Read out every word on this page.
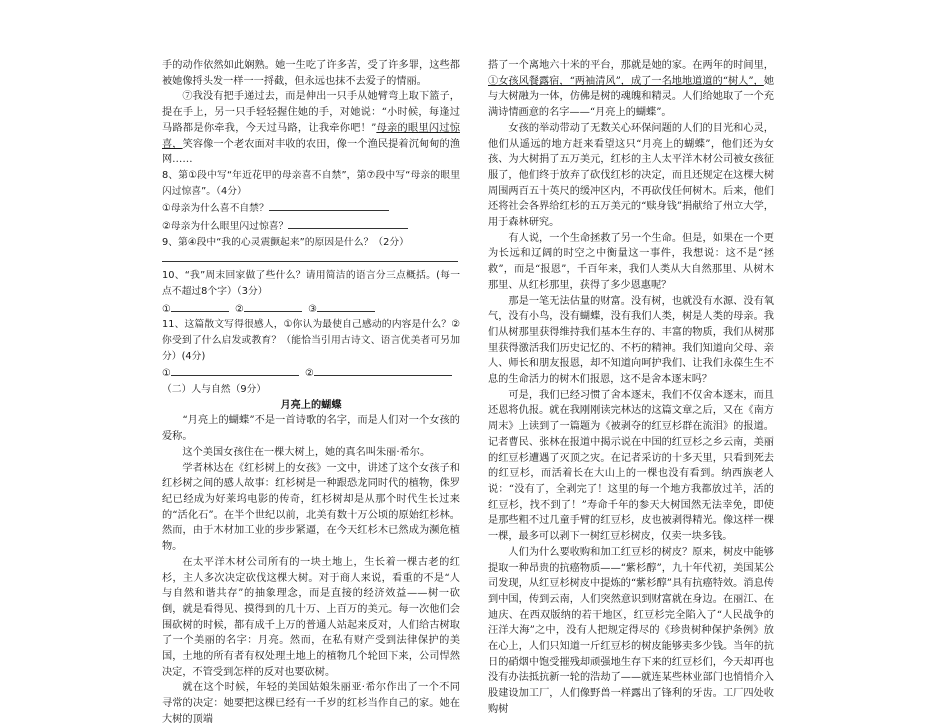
手的动作依然如此娴熟。她一生吃了许多苦，受了许多罪，这些都被她像捋头发一样一一捋截，但永远也抹不去爱子的情丽。

⑦我没有把手递过去，而是伸出一只手从她臂弯上取下篮子，提在手上，另一只手轻轻握住她的手，对她说：“小时候，每逢过马路都是你牵我，今天过马路，让我牵你吧！”母亲的眼里闪过惊喜，笑容像一个老农面对丰收的农田，像一个渔民提着沉甸甸的渔网……

8、第①段中写“年近花甲的母亲喜不自禁”，第⑦段中写“母亲的眼里闪过惊喜”。（4分）

①母亲为什么喜不自禁？

②母亲为什么眼里闪过惊喜？

9、第④段中“我的心灵震颤起来”的原因是什么？（2分）

10、“我”周末回家做了些什么？请用简洁的语言分三点概括。(每一点不超过8个字）（3分）

①	②	③

11、这篇散文写得很感人，①你认为最使自己感动的内容是什么？②你受到了什么启发或教育？（能恰当引用古诗文、语言优美者可另加分）(4分)

①	②

（二）人与自然（9分）

月亮上的蝴蝶

“月亮上的蝴蝶”不是一首诗歌的名字，而是人们对一个女孩的爱称。

这个美国女孩住在一棵大树上，她的真名叫朱丽·希尔。

学者林达在《红杉树上的女孩》一文中，讲述了这个女孩子和红杉树之间的感人故事：红杉树是一种跟恐龙同时代的植物，侏罗纪已经成为好莱坞电影的传奇，红杉树却是从那个时代生长过来的“活化石”。在半个世纪以前，北美有数十万公顷的原始红杉林。然而，由于木材加工业的步步紧逼，在今天红杉木已然成为濒危植物。

在太平洋木材公司所有的一块土地上，生长着一棵古老的红杉，主人多次决定砍伐这棵大树。对于商人来说，看重的不是“人与自然和谐共存”的抽象理念，而是直接的经济效益——树一砍倒，就是看得见、摸得到的几十万、上百万的美元。每一次他们会围砍树的时候，都有成千上万的普通人站起来反对，人们给古树取了一个美丽的名字：月亮。然而，在私有财产受到法律保护的美国，土地的所有者有权处理土地上的植物几个轮回下来，公司悍然决定，不管受到怎样的反对也要砍树。

就在这个时候，年轻的美国姑娘朱丽亚·希尔作出了一个不同寻常的决定：她要把这棵已经有一千岁的红杉当作自己的家。她在大树的顶端

搭了一个离地六十米的平台，那就是她的家。在两年的时间里，①女孩风餐露宿，“两袖清风”，成了一名地地道道的“树人”，她与大树融为一体，仿佛是树的魂魄和精灵。人们给她取了一个充满诗情画意的名字——“月亮上的蝴蝶”。

女孩的举动带动了无数关心环保问题的人们的目光和心灵，他们从遥远的地方赶来看望这只“月亮上的蝴蝶”，他们还为女孩、为大树捐了五万美元，红杉的主人太平洋木材公司被女孩征服了，他们终于放弃了砍伐红杉的决定，而且还规定在这棵大树周围两百五十英尺的缓冲区内，不再砍伐任何树木。后来，他们还将社会各界给红杉的五万美元的“赎身钱”捐献给了州立大学，用于森林研究。

有人说，一个生命拯救了另一个生命。但是，如果在一个更为长远和辽阔的时空之中衡量这一事件，我想说：这不是“拯救”，而是“报恩”，千百年来，我们人类从大自然那里、从树木那里、从红杉那里，获得了多少恩惠呢？

那是一笔无法估量的财富。没有树，也就没有水源、没有氧气，没有小鸟，没有蝴蝶，没有我们人类，树是人类的母亲。我们从树那里获得维持我们基本生存的、丰富的物质，我们从树那里获得激活我们历史记忆的、不朽的精神。我们知道向父母、亲人、师长和朋友报恩，却不知道向呵护我们、让我们永葆生生不息的生命活力的树木们报恩，这不是舍本逐末吗？

可是，我们已经习惯了舍本逐末，我们不仅舍本逐末，而且还恩将仇报。就在我刚刚读完林达的这篇文章之后，又在《南方周末》上读到了一篇题为《被剥夺的红豆杉群在流泪》的报道。记者曹民、张林在报道中揭示说在中国的红豆杉之乡云南，美丽的红豆杉遭遇了灭顶之灾。在记者采访的十多天里，只看到死去的红豆杉，而活着长在大山上的一棵也没有看到。纳西族老人说：“没有了，全剥完了！这里的每一个地方我都放过羊，活的红豆杉，找不到了！”寿命千年的参天大树国然无法幸免，即使是那些粗不过几童手臂的红豆杉，皮也被剥得精光。像这样一棵一棵，最多可以剥下一树红豆杉树皮，仅卖一块多钱。

人们为什么要收购和加工红豆杉的树皮？原来，树皮中能够提取一种昂贵的抗癌物质——“紫杉醇”，九十年代初，美国某公司发现，从红豆杉树皮中提炼的“紫杉醇”具有抗癌特效。消息传到中国，传到云南，人们突然意识到财富就在身边。在丽江、在迪庆、在西双版纳的若干地区，红豆杉完全陷入了“人民战争的汪洋大海”之中，没有人把规定得尽的《珍贵树种保护条例》放在心上，人们只知道一斤红豆杉的树皮能够卖多少钱。当年的抗日的硝烟中饱受摧残却顽强地生存下来的红豆杉们，今天却再也没有办法抵抗新一轮的浩劫了——就连某些林业部门也悄悄介入股建设加工厂，人们像野兽一样露出了锋利的牙齿。工厂四处收购树
